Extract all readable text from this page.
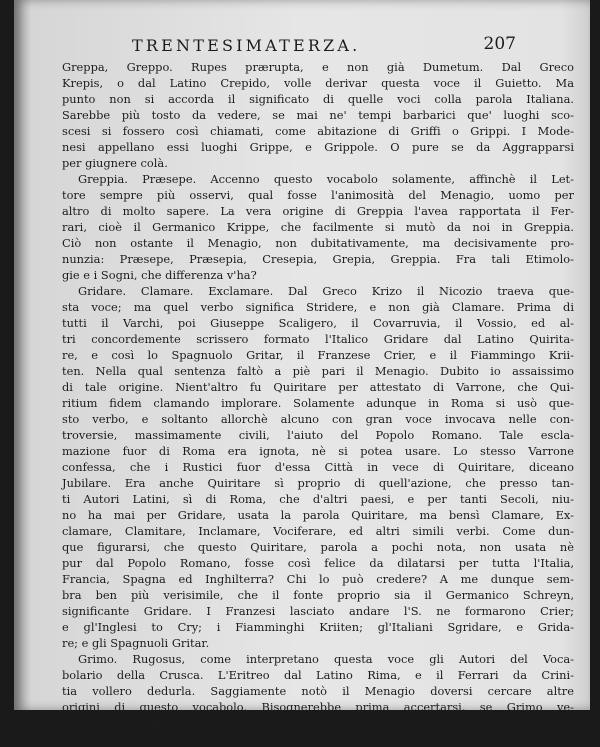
TRENTESIMATERZA.	207
Greppa, Greppo. Rupes prærupta, e non già Dumetum. Dal Greco
Krepis, o dal Latino Crepido, volle derivar questa voce il Guietto. Ma
punto non si accorda il significato di quelle voci colla parola Italiana.
Sarebbe più tosto da vedere, se mai ne' tempi barbarici que' luoghi sco-
scesi si fossero così chiamati, come abitazione di Griffi o Grippi. I Mode-
nesi appellano essi luoghi Grippe, e Grippole. O pure se da Aggrapparsi
per giugnere colà.
Greppia. Præsepe. Accenno questo vocabolo solamente, affinchè il Let-
tore sempre più osservi, qual fosse l'animosità del Menagio, uomo per
altro di molto sapere. La vera origine di Greppia l'avea rapportata il Fer-
rari, cioè il Germanico Krippe, che facilmente si mutò da noi in Greppia.
Ciò non ostante il Menagio, non dubitativamente, ma decisivamente pro-
nunzia: Præsepe, Præsepia, Cresepia, Grepia, Greppia. Fra tali Etimolo-
gie e i Sogni, che differenza v'ha?
Gridare. Clamare. Exclamare. Dal Greco Krizo il Nicozio traeva que-
sta voce; ma quel verbo significa Stridere, e non già Clamare. Prima di
tutti il Varchi, poi Giuseppe Scaligero, il Covarruvia, il Vossio, ed al-
tri concordemente scrissero formato l'Italico Gridare dal Latino Quirita-
re, e così lo Spagnuolo Gritar, il Franzese Crier, e il Fiammingo Krii-
ten. Nella qual sentenza faltò a piè pari il Menagio. Dubito io assaissimo
di tale origine. Nient'altro fu Quiritare per attestato di Varrone, che Qui-
ritium fidem clamando implorare. Solamente adunque in Roma si usò que-
sto verbo, e soltanto allorchè alcuno con gran voce invocava nelle con-
troversie, massimamente civili, l'aiuto del Popolo Romano. Tale escla-
mazione fuor di Roma era ignota, nè si potea usare. Lo stesso Varrone
confessa, che i Rustici fuor d'essa Città in vece di Quiritare, diceano
Jubilare. Era anche Quiritare sì proprio di quell'azione, che presso tan-
ti Autori Latini, sì di Roma, che d'altri paesi, e per tanti Secoli, niu-
no ha mai per Gridare, usata la parola Quiritare, ma bensì Clamare, Ex-
clamare, Clamitare, Inclamare, Vociferare, ed altri simili verbi. Come dun-
que figurarsi, che questo Quiritare, parola a pochi nota, non usata nè
pur dal Popolo Romano, fosse così felice da dilatarsi per tutta l'Italia,
Francia, Spagna ed Inghilterra? Chi lo può credere? A me dunque sem-
bra ben più verisimile, che il fonte proprio sia il Germanico Schreyn,
significante Gridare. I Franzesi lasciato andare l'S. ne formarono Crier;
e gl'Inglesi to Cry; i Fiamminghi Kriiten; gl'Italiani Sgridare, e Grida-
re; e gli Spagnuoli Gritar.
Grimo. Rugosus, come interpretano questa voce gli Autori del Voca-
bolario della Crusca. L'Eritreo dal Latino Rima, e il Ferrari da Crini-
tia vollero dedurla. Saggiamente notò il Menagio doversi cercare altre
origini di questo vocabolo. Bisognerebbe prima accertarsi, se Grimo ve-
ramente significhi Rugoso. Perchè se mai volesse dire Rabbioso ( noi di-
cia-
